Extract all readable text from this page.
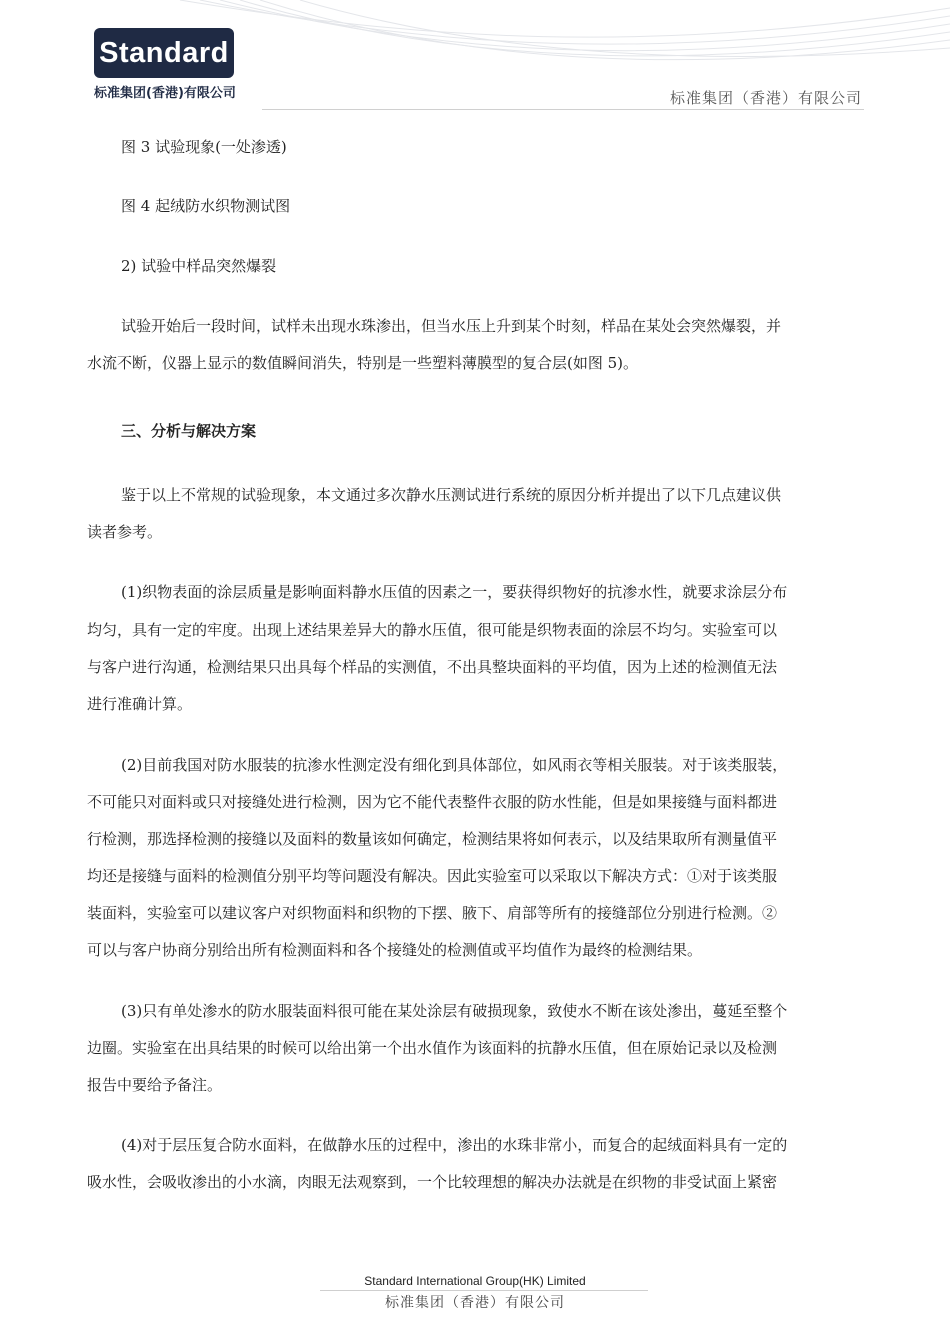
Standard
标准集团(香港)有限公司	标准集团（香港）有限公司
图 3 试验现象(一处渗透)
图 4 起绒防水织物测试图
2) 试验中样品突然爆裂
试验开始后一段时间，试样未出现水珠渗出，但当水压上升到某个时刻，样品在某处会突然爆裂，并
水流不断，仪器上显示的数值瞬间消失，特别是一些塑料薄膜型的复合层(如图 5)。
三、分析与解决方案
鉴于以上不常规的试验现象，本文通过多次静水压测试进行系统的原因分析并提出了以下几点建议供
读者参考。
(1)织物表面的涂层质量是影响面料静水压值的因素之一，要获得织物好的抗渗水性，就要求涂层分布
均匀，具有一定的牢度。出现上述结果差异大的静水压值，很可能是织物表面的涂层不均匀。实验室可以
与客户进行沟通，检测结果只出具每个样品的实测值，不出具整块面料的平均值，因为上述的检测值无法
进行准确计算。
(2)目前我国对防水服装的抗渗水性测定没有细化到具体部位，如风雨衣等相关服装。对于该类服装，
不可能只对面料或只对接缝处进行检测，因为它不能代表整件衣服的防水性能，但是如果接缝与面料都进
行检测，那选择检测的接缝以及面料的数量该如何确定，检测结果将如何表示，以及结果取所有测量值平
均还是接缝与面料的检测值分别平均等问题没有解决。因此实验室可以采取以下解决方式：①对于该类服
装面料，实验室可以建议客户对织物面料和织物的下摆、腋下、肩部等所有的接缝部位分别进行检测。②
可以与客户协商分别给出所有检测面料和各个接缝处的检测值或平均值作为最终的检测结果。
(3)只有单处渗水的防水服装面料很可能在某处涂层有破损现象，致使水不断在该处渗出，蔓延至整个
边圈。实验室在出具结果的时候可以给出第一个出水值作为该面料的抗静水压值，但在原始记录以及检测
报告中要给予备注。
(4)对于层压复合防水面料，在做静水压的过程中，渗出的水珠非常小，而复合的起绒面料具有一定的
吸水性，会吸收渗出的小水滴，肉眼无法观察到，一个比较理想的解决办法就是在织物的非受试面上紧密
Standard International Group(HK) Limited
标准集团（香港）有限公司
